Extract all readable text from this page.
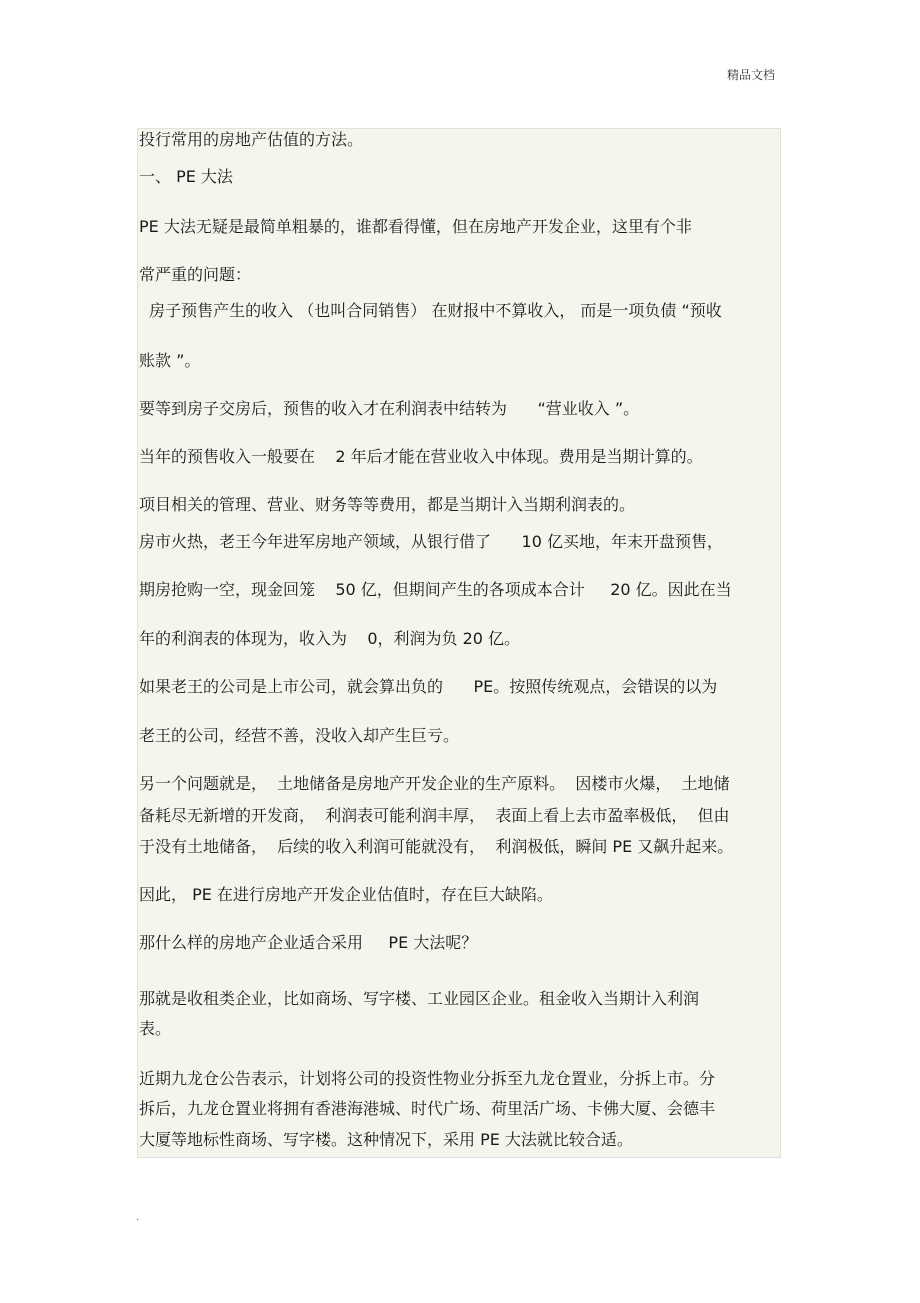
精品文档
投行常用的房地产估值的方法。
一、 PE 大法
PE 大法无疑是最简单粗暴的，谁都看得懂，但在房地产开发企业，这里有个非
常严重的问题：
房子预售产生的收入 （也叫合同销售） 在财报中不算收入， 而是一项负债 “预收
账款 ”。
要等到房子交房后，预售的收入才在利润表中结转为      “营业收入 ”。
当年的预售收入一般要在    2 年后才能在营业收入中体现。费用是当期计算的。
项目相关的管理、营业、财务等等费用，都是当期计入当期利润表的。
房市火热，老王今年进军房地产领域，从银行借了      10 亿买地，年末开盘预售，
期房抢购一空，现金回笼    50 亿，但期间产生的各项成本合计     20 亿。因此在当
年的利润表的体现为，收入为    0，利润为负 20 亿。
如果老王的公司是上市公司，就会算出负的      PE。按照传统观点，会错误的以为
老王的公司，经营不善，没收入却产生巨亏。
另一个问题就是，  土地储备是房地产开发企业的生产原料。  因楼市火爆，  土地储
备耗尽无新增的开发商，  利润表可能利润丰厚，  表面上看上去市盈率极低，  但由
于没有土地储备，  后续的收入利润可能就没有，  利润极低，瞬间 PE 又飙升起来。
因此， PE 在进行房地产开发企业估值时，存在巨大缺陷。
那什么样的房地产企业适合采用     PE 大法呢？
那就是收租类企业，比如商场、写字楼、工业园区企业。租金收入当期计入利润
表。
近期九龙仓公告表示，计划将公司的投资性物业分拆至九龙仓置业，分拆上市。分
拆后，九龙仓置业将拥有香港海港城、时代广场、荷里活广场、卡佛大厦、会德丰
大厦等地标性商场、写字楼。这种情况下，采用 PE 大法就比较合适。
.
